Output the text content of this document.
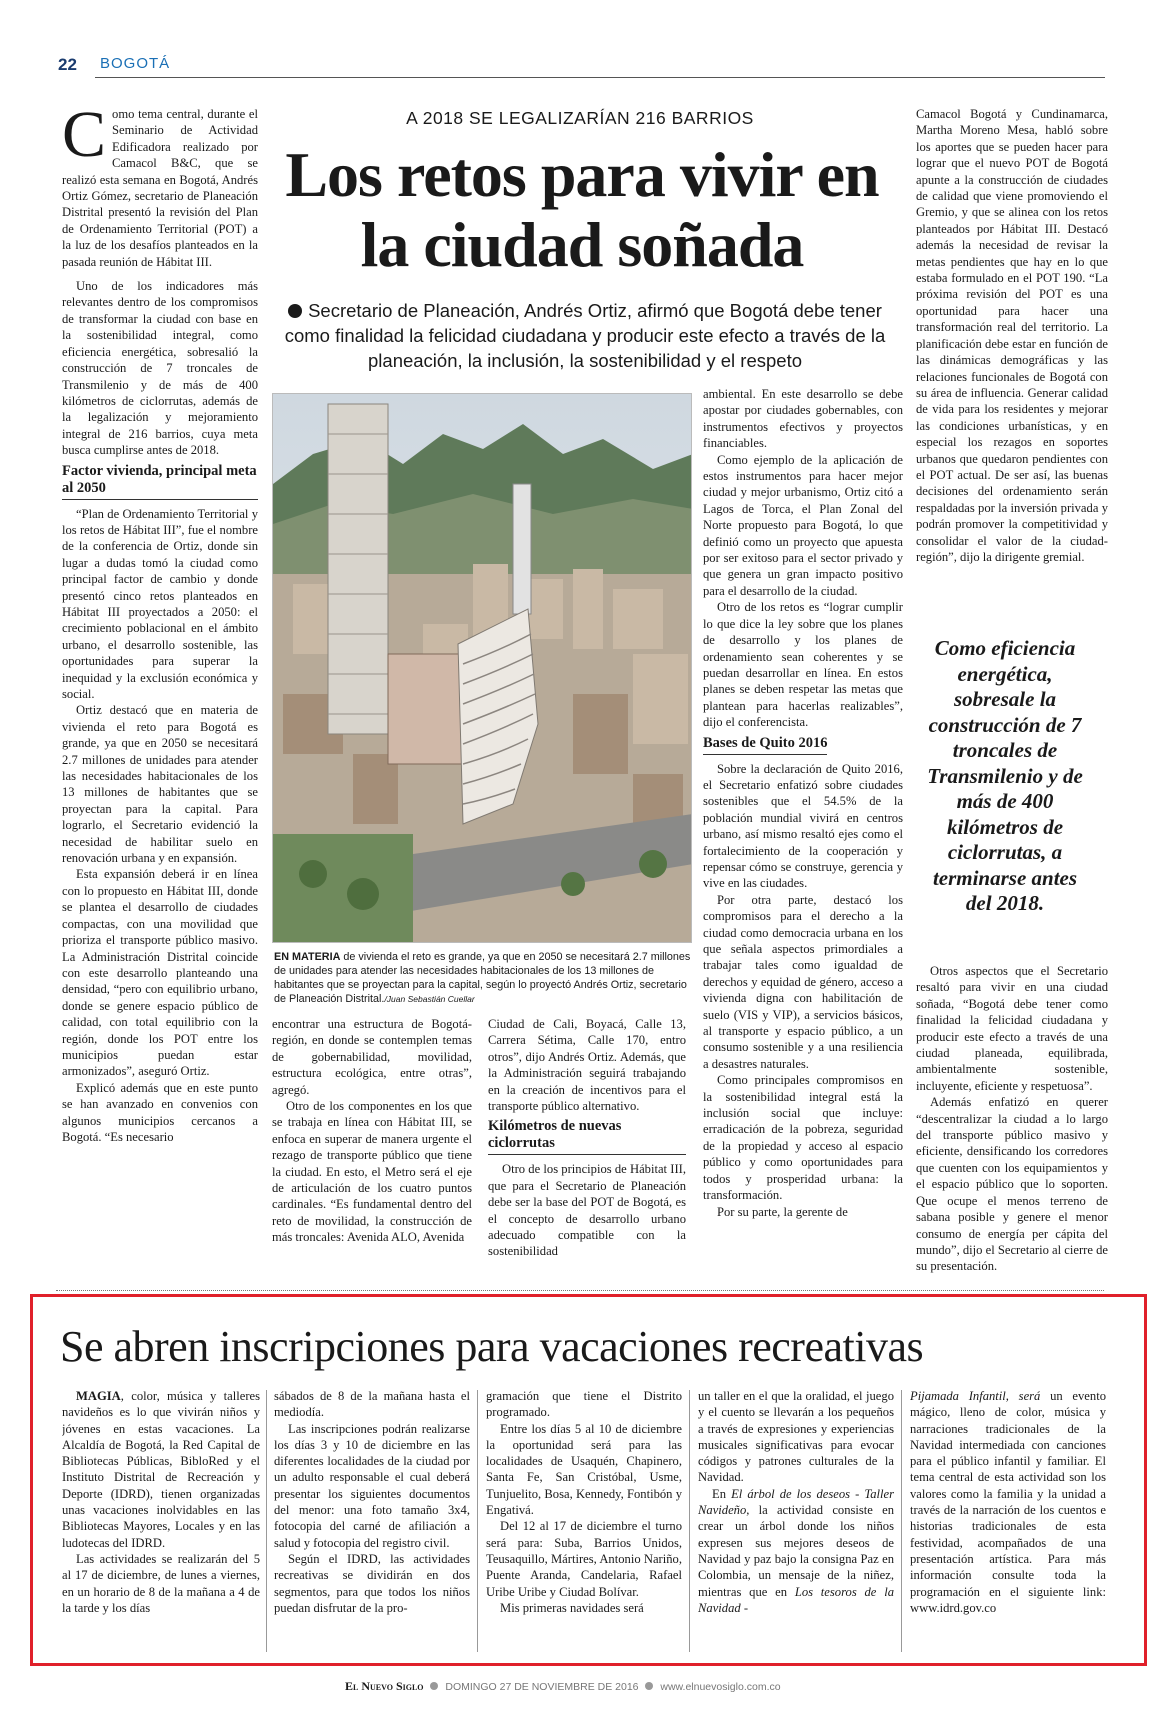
22 BOGOTÁ
A 2018 SE LEGALIZARÍAN 216 BARRIOS
Los retos para vivir en la ciudad soñada
Secretario de Planeación, Andrés Ortiz, afirmó que Bogotá debe tener como finalidad la felicidad ciudadana y producir este efecto a través de la planeación, la inclusión, la sostenibilidad y el respeto

Como tema central, durante el Seminario de Actividad Edificadora realizado por Camacol B&C, que se realizó esta semana en Bogotá, Andrés Ortiz Gómez, secretario de Planeación Distrital presentó la revisión del Plan de Ordenamiento Territorial (POT) a la luz de los desafíos planteados en la pasada reunión de Hábitat III.

Uno de los indicadores más relevantes dentro de los compromisos de transformar la ciudad con base en la sostenibilidad integral, como eficiencia energética, sobresalió la construcción de 7 troncales de Transmilenio y de más de 400 kilómetros de ciclorrutas, además de la legalización y mejoramiento integral de 216 barrios, cuya meta busca cumplirse antes de 2018.

Factor vivienda, principal meta al 2050

“Plan de Ordenamiento Territorial y los retos de Hábitat III”, fue el nombre de la conferencia de Ortiz, donde sin lugar a dudas tomó la ciudad como principal factor de cambio y donde presentó cinco retos planteados en Hábitat III proyectados a 2050: el crecimiento poblacional en el ámbito urbano, el desarrollo sostenible, las oportunidades para superar la inequidad y la exclusión económica y social.

Ortiz destacó que en materia de vivienda el reto para Bogotá es grande, ya que en 2050 se necesitará 2.7 millones de unidades para atender las necesidades habitacionales de los 13 millones de habitantes que se proyectan para la capital. Para lograrlo, el Secretario evidenció la necesidad de habilitar suelo en renovación urbana y en expansión.

Esta expansión deberá ir en línea con lo propuesto en Hábitat III, donde se plantea el desarrollo de ciudades compactas, con una movilidad que prioriza el transporte público masivo. La Administración Distrital coincide con este desarrollo planteando una densidad, “pero con equilibrio urbano, donde se genere espacio público de calidad, con total equilibrio con la región, donde los POT entre los municipios puedan estar armonizados”, aseguró Ortiz.

Explicó además que en este punto se han avanzado en convenios con algunos municipios cercanos a Bogotá. “Es necesario

EN MATERIA de vivienda el reto es grande, ya que en 2050 se necesitará 2.7 millones de unidades para atender las necesidades habitacionales de los 13 millones de habitantes que se proyectan para la capital, según lo proyectó Andrés Ortiz, secretario de Planeación Distrital./Juan Sebastián Cuellar

encontrar una estructura de Bogotá-región, en donde se contemplen temas de gobernabilidad, movilidad, estructura ecológica, entre otras”, agregó.

Otro de los componentes en los que se trabaja en línea con Hábitat III, se enfoca en superar de manera urgente el rezago de transporte público que tiene la ciudad. En esto, el Metro será el eje de articulación de los cuatro puntos cardinales. “Es fundamental dentro del reto de movilidad, la construcción de más troncales: Avenida ALO, Avenida

Ciudad de Cali, Boyacá, Calle 13, Carrera Sétima, Calle 170, entro otros”, dijo Andrés Ortiz. Además, que la Administración seguirá trabajando en la creación de incentivos para el transporte público alternativo.

Kilómetros de nuevas ciclorrutas

Otro de los principios de Hábitat III, que para el Secretario de Planeación debe ser la base del POT de Bogotá, es el concepto de desarrollo urbano adecuado compatible con la sostenibilidad

ambiental. En este desarrollo se debe apostar por ciudades gobernables, con instrumentos efectivos y proyectos financiables.

Como ejemplo de la aplicación de estos instrumentos para hacer mejor ciudad y mejor urbanismo, Ortiz citó a Lagos de Torca, el Plan Zonal del Norte propuesto para Bogotá, lo que definió como un proyecto que apuesta por ser exitoso para el sector privado y que genera un gran impacto positivo para el desarrollo de la ciudad.

Otro de los retos es “lograr cumplir lo que dice la ley sobre que los planes de desarrollo y los planes de ordenamiento sean coherentes y se puedan desarrollar en línea. En estos planes se deben respetar las metas que plantean para hacerlas realizables”, dijo el conferencista.

Bases de Quito 2016

Sobre la declaración de Quito 2016, el Secretario enfatizó sobre ciudades sostenibles que el 54.5% de la población mundial vivirá en centros urbano, así mismo resaltó ejes como el fortalecimiento de la cooperación y repensar cómo se construye, gerencia y vive en las ciudades.

Por otra parte, destacó los compromisos para el derecho a la ciudad como democracia urbana en los que señala aspectos primordiales a trabajar tales como igualdad de derechos y equidad de género, acceso a vivienda digna con habilitación de suelo (VIS y VIP), a servicios básicos, al transporte y espacio público, a un consumo sostenible y a una resiliencia a desastres naturales.

Como principales compromisos en la sostenibilidad integral está la inclusión social que incluye: erradicación de la pobreza, seguridad de la propiedad y acceso al espacio público y como oportunidades para todos y prosperidad urbana: la transformación.

Por su parte, la gerente de

Camacol Bogotá y Cundinamarca, Martha Moreno Mesa, habló sobre los aportes que se pueden hacer para lograr que el nuevo POT de Bogotá apunte a la construcción de ciudades de calidad que viene promoviendo el Gremio, y que se alinea con los retos planteados por Hábitat III. Destacó además la necesidad de revisar la metas pendientes que hay en lo que estaba formulado en el POT 190. “La próxima revisión del POT es una oportunidad para hacer una transformación real del territorio. La planificación debe estar en función de las dinámicas demográficas y las relaciones funcionales de Bogotá con su área de influencia. Generar calidad de vida para los residentes y mejorar las condiciones urbanísticas, y en especial los rezagos en soportes urbanos que quedaron pendientes con el POT actual. De ser así, las buenas decisiones del ordenamiento serán respaldadas por la inversión privada y podrán promover la competitividad y consolidar el valor de la ciudad-región”, dijo la dirigente gremial.

Como eficiencia energética, sobresale la construcción de 7 troncales de Transmilenio y de más de 400 kilómetros de ciclorrutas, a terminarse antes del 2018.

Otros aspectos que el Secretario resaltó para vivir en una ciudad soñada, “Bogotá debe tener como finalidad la felicidad ciudadana y producir este efecto a través de una ciudad planeada, equilibrada, ambientalmente sostenible, incluyente, eficiente y respetuosa”.

Además enfatizó en querer “descentralizar la ciudad a lo largo del transporte público masivo y eficiente, densificando los corredores que cuenten con los equipamientos y el espacio público que lo soporten. Que ocupe el menos terreno de sabana posible y genere el menor consumo de energía per cápita del mundo”, dijo el Secretario al cierre de su presentación.

Se abren inscripciones para vacaciones recreativas

MAGIA, color, música y talleres navideños es lo que vivirán niños y jóvenes en estas vacaciones. La Alcaldía de Bogotá, la Red Capital de Bibliotecas Públicas, BibloRed y el Instituto Distrital de Recreación y Deporte (IDRD), tienen organizadas unas vacaciones inolvidables en las Bibliotecas Mayores, Locales y en las ludotecas del IDRD.

Las actividades se realizarán del 5 al 17 de diciembre, de lunes a viernes, en un horario de 8 de la mañana a 4 de la tarde y los días

sábados de 8 de la mañana hasta el mediodía.

Las inscripciones podrán realizarse los días 3 y 10 de diciembre en las diferentes localidades de la ciudad por un adulto responsable el cual deberá presentar los siguientes documentos del menor: una foto tamaño 3x4, fotocopia del carné de afiliación a salud y fotocopia del registro civil.

Según el IDRD, las actividades recreativas se dividirán en dos segmentos, para que todos los niños puedan disfrutar de la pro-

gramación que tiene el Distrito programado.

Entre los días 5 al 10 de diciembre la oportunidad será para las localidades de Usaquén, Chapinero, Santa Fe, San Cristóbal, Usme, Tunjuelito, Bosa, Kennedy, Fontibón y Engativá.

Del 12 al 17 de diciembre el turno será para: Suba, Barrios Unidos, Teusaquillo, Mártires, Antonio Nariño, Puente Aranda, Candelaria, Rafael Uribe Uribe y Ciudad Bolívar.

Mis primeras navidades será

un taller en el que la oralidad, el juego y el cuento se llevarán a los pequeños a través de expresiones y experiencias musicales significativas para evocar códigos y patrones culturales de la Navidad.

En El árbol de los deseos - Taller Navideño, la actividad consiste en crear un árbol donde los niños expresen sus mejores deseos de Navidad y paz bajo la consigna Paz en Colombia, un mensaje de la niñez, mientras que en Los tesoros de la Navidad -

Pijamada Infantil, será un evento mágico, lleno de color, música y narraciones tradicionales de la Navidad intermediada con canciones para el público infantil y familiar. El tema central de esta actividad son los valores como la familia y la unidad a través de la narración de los cuentos e historias tradicionales de esta festividad, acompañados de una presentación artística. Para más información consulte toda la programación en el siguiente link: www.idrd.gov.co

El Nuevo Siglo DOMINGO 27 DE NOVIEMBRE DE 2016 www.elnuevosiglo.com.co
